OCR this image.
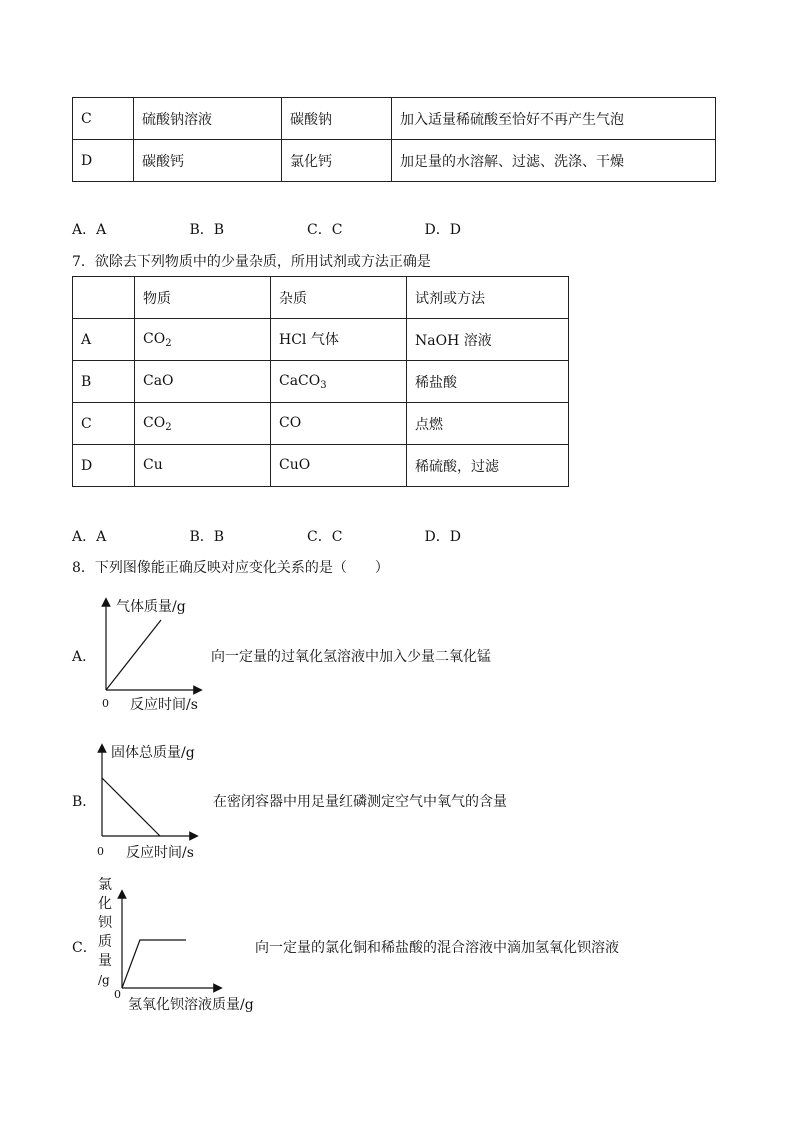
C	硫酸钠溶液	碳酸钠	加入适量稀硫酸至恰好不再产生气泡
D	碳酸钙	氯化钙	加足量的水溶解、过滤、洗涤、干燥
A．A	B．B	C．C	D．D
7．欲除去下列物质中的少量杂质，所用试剂或方法正确是
	物质	杂质	试剂或方法
A	$CO_2$	HCl 气体	NaOH 溶液
B	CaO	CaCO$_3$	稀盐酸
C	$CO_2$	CO	点燃
D	Cu	CuO	稀硫酸，过滤
A．A	B．B	C．C	D．D
8．下列图像能正确反映对应变化关系的是（　　）
A．
气体质量/g
0 反应时间/s
向一定量的过氧化氢溶液中加入少量二氧化锰
B．
固体总质量/g
0 反应时间/s
在密闭容器中用足量红磷测定空气中氧气的含量
C．
氯
化
钡
质
量
/g
0
氢氧化钡溶液质量/g
向一定量的氯化铜和稀盐酸的混合溶液中滴加氢氧化钡溶液
